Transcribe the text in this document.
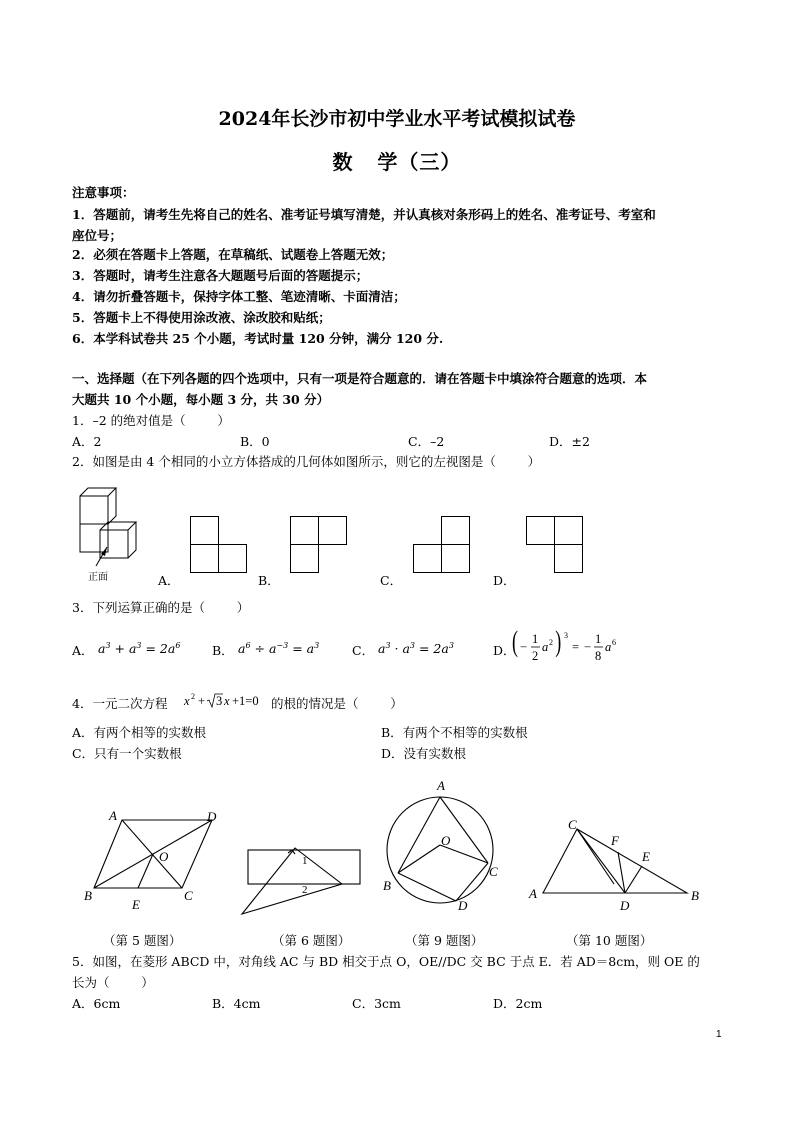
2024年长沙市初中学业水平考试模拟试卷
数   学（三）
注意事项：
1．答题前，请考生先将自己的姓名、准考证号填写清楚，并认真核对条形码上的姓名、准考证号、考室和
座位号；
2．必须在答题卡上答题，在草稿纸、试题卷上答题无效；
3．答题时，请考生注意各大题题号后面的答题提示；
4．请勿折叠答题卡，保持字体工整、笔迹清晰、卡面清洁；
5．答题卡上不得使用涂改液、涂改胶和贴纸；
6．本学科试卷共 25 个小题，考试时量 120 分钟，满分 120 分.
一、选择题（在下列各题的四个选项中，只有一项是符合题意的．请在答题卡中填涂符合题意的选项．本
大题共 10 个小题，每小题 3 分，共 30 分）
1．–2 的绝对值是（        ）
A．2	B．0	C．–2	D．±2
2．如图是由 4 个相同的小立方体搭成的几何体如图所示，则它的左视图是（        ）
正面	A．	B．	C．	D．
3．下列运算正确的是（        ）
A． $a^3 + a^3 = 2a^6$	B． $a^6 \div a^{-3} = a^3$	C． $a^3 \cdot a^3 = 2a^3$	D．
( −
1
2
a 2 ) 3
= −
1
8
a 6
4．一元二次方程 x 2 + 3 x +1=0 的根的情况是（        ）
A．有两个相等的实数根	B．有两个不相等的实数根
C．只有一个实数根	D．没有实数根
A	D
O
B
E
C
（第 5 题图）
1
2
（第 6 题图）
A
O
B
C
D
（第 9 题图）
C
F
E
A
D
B
（第 10 题图）
5．如图，在菱形 ABCD 中，对角线 AC 与 BD 相交于点 O，OE//DC 交 BC 于点 E．若 AD＝8cm，则 OE 的
长为（        ）
A．6cm	B．4cm	C．3cm	D．2cm
1
